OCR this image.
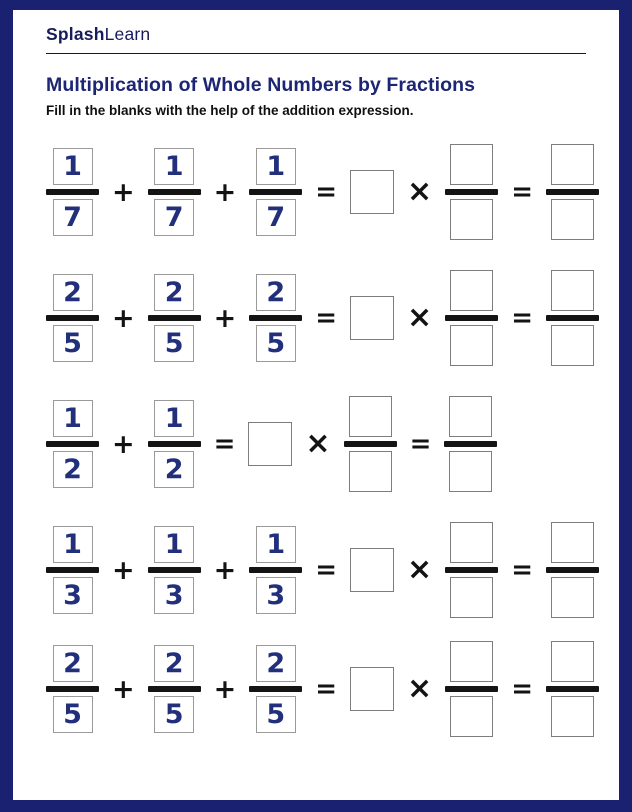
SplashLearn
Multiplication of Whole Numbers by Fractions

Fill in the blanks with the help of the addition expression.

$\frac{1}{7} + \frac{1}{7} + \frac{1}{7}$ = ×	=
$\frac{2}{5} + \frac{2}{5} + \frac{2}{5}$ = ×	=
$\frac{1}{2} + \frac{1}{2}$ = ×	=
$\frac{1}{3} + \frac{1}{3} + \frac{1}{3}$ = ×	=
$\frac{2}{5} + \frac{2}{5} + \frac{2}{5}$ = ×	=
